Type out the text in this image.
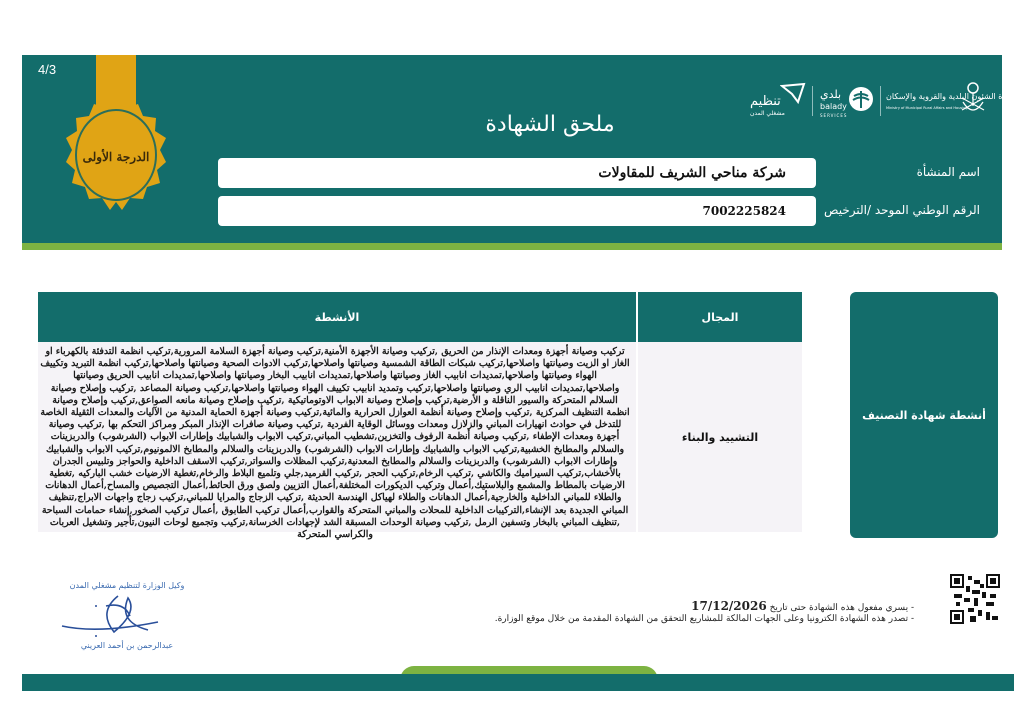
4/3
الدرجة الأولى
ملحق الشهادة
تنظيم
مشغلي المدن
بلدي
balady
SERVICES
وزارة الشئون البلدية والقروية والإسكان
Ministry of Municipal Rural Affairs and Housing
شركة مناحي الشريف للمقاولات
7002225824
اسم المنشأة
الرقم الوطني الموحد /الترخيص
الأنشطة	المجال
التشييد والبناء
تركيب وصيانة أجهزة ومعدات الإنذار من الحريق ,تركيب وصيانة الأجهزة الأمنية,تركيب وصيانة أجهزة السلامة المرورية,تركيب انظمة التدفئة بالكهرباء او الغاز او الزيت وصيانتها واصلاحها,تركيب شبكات الطاقة الشمسية وصيانتها واصلاحها,تركيب الادوات الصحية وصيانتها واصلاحها,تركيب انظمة التبريد وتكييف الهواء وصيانتها واصلاحها,تمديدات انابيب الغاز وصيانتها واصلاحها,تمديدات انابيب البخار وصيانتها واصلاحها,تمديدات انابيب الحريق وصيانتها واصلاحها,تمديدات انابيب الري وصيانتها واصلاحها,تركيب وتمديد انابيب تكييف الهواء وصيانتها واصلاحها,تركيب وصيانة المصاعد ,تركيب وإصلاح وصيانة السلالم المتحركة والسيور الناقلة و الأرضية,تركيب وإصلاح وصيانة الابواب الاوتوماتيكية ,تركيب وإصلاح وصيانة مانعه الصواعق,تركيب وإصلاح وصيانة انظمة التنظيف المركزية ,تركيب وإصلاح وصيانة أنظمة العوازل الحرارية والمائية,تركيب وصيانة أجهزة الحماية المدنية من الآليات والمعدات الثقيلة الخاصة للتدخل في حوادث انهيارات المباني والزلازل ومعدات ووسائل الوقاية الفردية ,تركيب وصيانة صافرات الإنذار المبكر ومراكز التحكم بها ,تركيب وصيانة أجهزة ومعدات الإطفاء ,تركيب وصيانة أنظمة الرفوف والتخزين,تشطيب المباني,تركيب الابواب والشبابيك وإطارات الابواب (الشرشوب) والدربزينات والسلالم والمطابخ الخشبية,تركيب الابواب والشبابيك وإطارات الابواب (الشرشوب) والدربزينات والسلالم والمطابخ الالمونيوم,تركيب الابواب والشبابيك وإطارات الابواب (الشرشوب) والدربزينات والسلالم والمطابخ المعدنية,تركيب المظلات والسواتر,تركيب الاسقف الداخلية والحواجز وتلبيس الجدران بالأخشاب,تركيب السيراميك والكاشي ,تركيب الرخام,تركيب الحجر ,تركيب القرميد,جلي وتلميع البلاط والرخام,تغطية الارضيات خشب الباركيه ,تغطية الارضيات بالمطاط والمشمع والبلاستيك,أعمال وتركيب الديكورات المختلفة,أعمال التزيين ولصق ورق الحائط,أعمال التجصيص والمساح,أعمال الدهانات والطلاء للمباني الداخلية والخارجية,أعمال الدهانات والطلاء لهياكل الهندسة الحديثة ,تركيب الزجاج والمرايا للمباني,تركيب زجاج واجهات الابراج,تنظيف المباني الجديدة بعد الإنشاء,التركيبات الداخلية للمحلات والمباني المتحركة والقوارب,أعمال تركيب الطابوق ,أعمال تركيب الصخور,إنشاء حمامات السباحة ,تنظيف المباني بالبخار وتسفين الرمل ,تركيب وصيانة الوحدات المسبقة الشد لإجهادات الخرسانة,تركيب وتجميع لوحات النيون,تأجير وتشغيل العربات والكراسي المتحركة
أنشطة شهادة التصنيف
وكيل الوزارة لتنظيم مشغلي المدن
عبدالرحمن بن أحمد العريني
- يسري مفعول هذه الشهادة حتى تاريخ 17/12/2026
- تصدر هذه الشهادة الكترونيا وعلى الجهات المالكة للمشاريع التحقق من الشهادة المقدمة من خلال موقع الوزارة.
